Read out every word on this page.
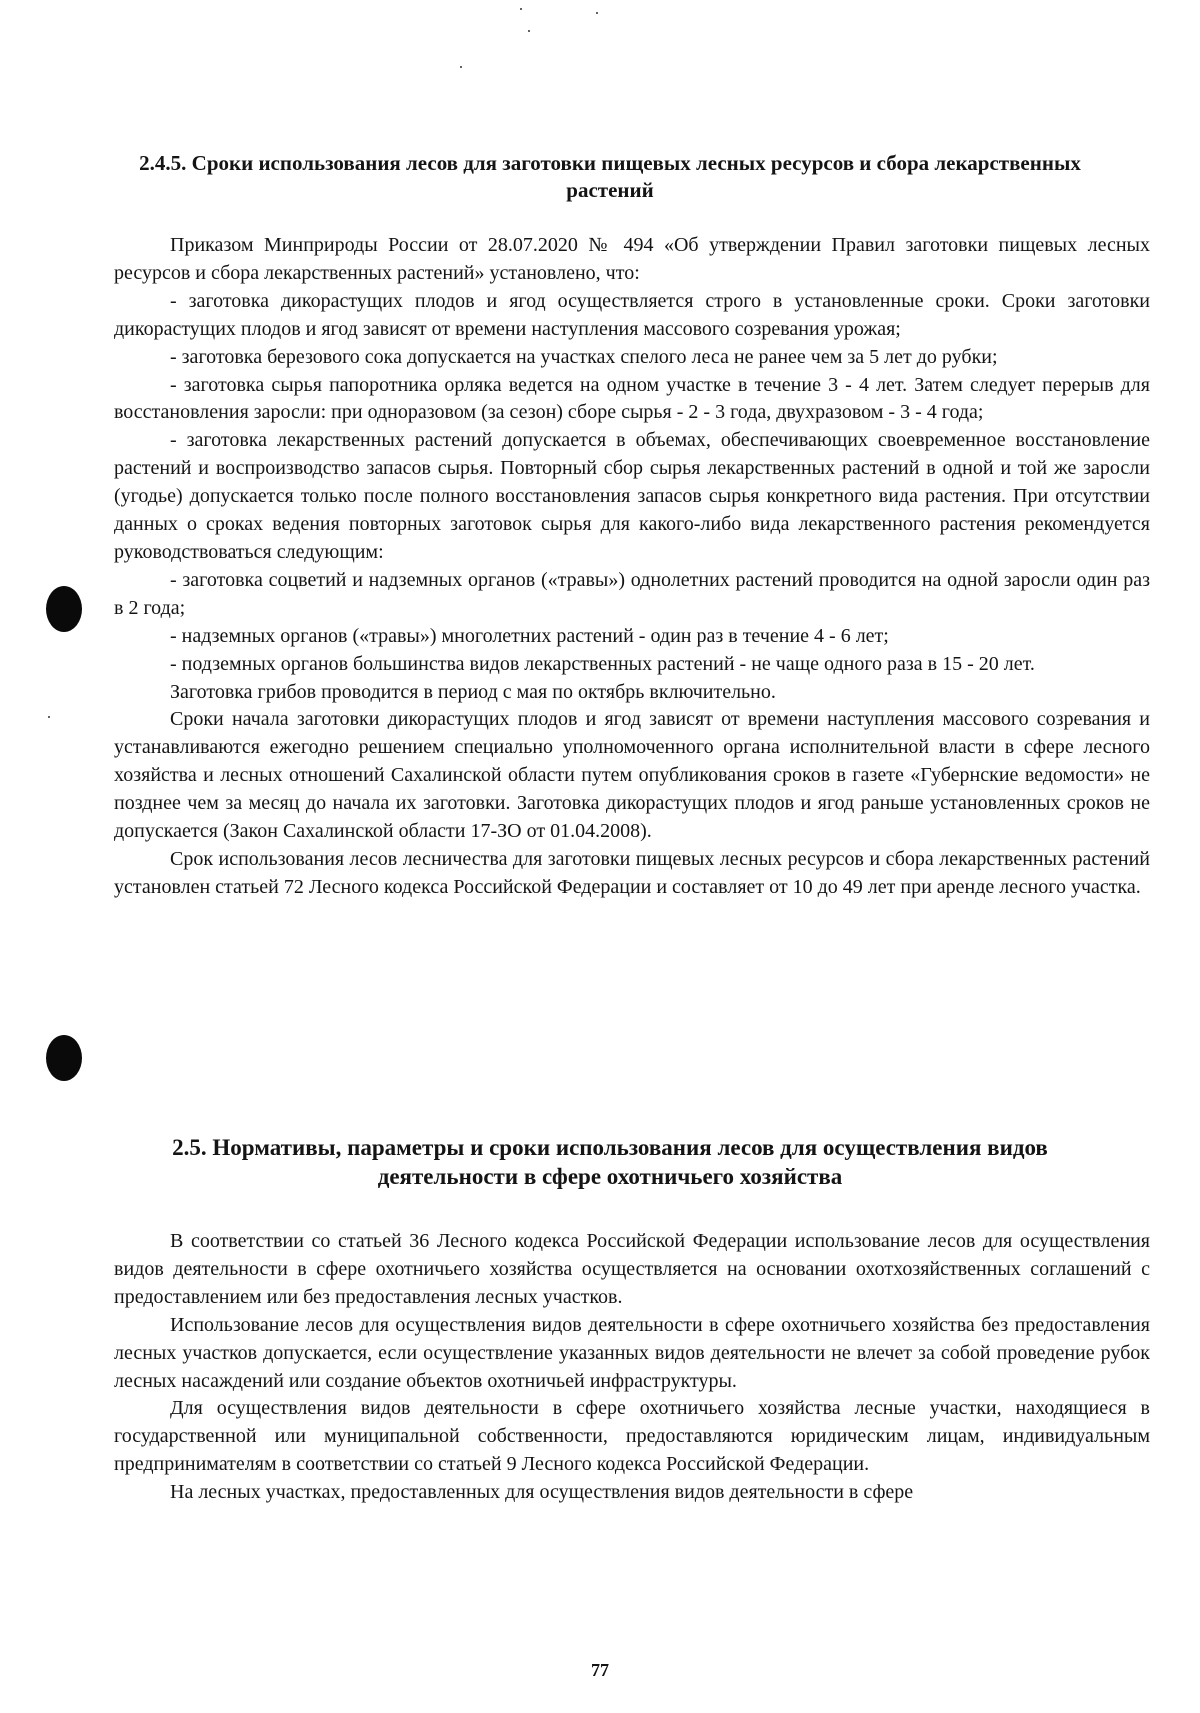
2.4.5. Сроки использования лесов для заготовки пищевых лесных ресурсов и сбора лекарственных растений

Приказом Минприроды России от 28.07.2020 № 494 «Об утверждении Правил заготовки пищевых лесных ресурсов и сбора лекарственных растений» установлено, что:

- заготовка дикорастущих плодов и ягод осуществляется строго в установленные сроки. Сроки заготовки дикорастущих плодов и ягод зависят от времени наступления массового созревания урожая;

- заготовка березового сока допускается на участках спелого леса не ранее чем за 5 лет до рубки;

- заготовка сырья папоротника орляка ведется на одном участке в течение 3 - 4 лет. Затем следует перерыв для восстановления заросли: при одноразовом (за сезон) сборе сырья - 2 - 3 года, двухразовом - 3 - 4 года;

- заготовка лекарственных растений допускается в объемах, обеспечивающих своевременное восстановление растений и воспроизводство запасов сырья. Повторный сбор сырья лекарственных растений в одной и той же заросли (угодье) допускается только после полного восстановления запасов сырья конкретного вида растения. При отсутствии данных о сроках ведения повторных заготовок сырья для какого-либо вида лекарственного растения рекомендуется руководствоваться следующим:

- заготовка соцветий и надземных органов («травы») однолетних растений проводится на одной заросли один раз в 2 года;

- надземных органов («травы») многолетних растений - один раз в течение 4 - 6 лет;

- подземных органов большинства видов лекарственных растений - не чаще одного раза в 15 - 20 лет.

Заготовка грибов проводится в период с мая по октябрь включительно.

Сроки начала заготовки дикорастущих плодов и ягод зависят от времени наступления массового созревания и устанавливаются ежегодно решением специально уполномоченного органа исполнительной власти в сфере лесного хозяйства и лесных отношений Сахалинской области путем опубликования сроков в газете «Губернские ведомости» не позднее чем за месяц до начала их заготовки. Заготовка дикорастущих плодов и ягод раньше установленных сроков не допускается (Закон Сахалинской области 17-ЗО от 01.04.2008).

Срок использования лесов лесничества для заготовки пищевых лесных ресурсов и сбора лекарственных растений установлен статьей 72 Лесного кодекса Российской Федерации и составляет от 10 до 49 лет при аренде лесного участка.

2.5. Нормативы, параметры и сроки использования лесов для осуществления видов деятельности в сфере охотничьего хозяйства

В соответствии со статьей 36 Лесного кодекса Российской Федерации использование лесов для осуществления видов деятельности в сфере охотничьего хозяйства осуществляется на основании охотхозяйственных соглашений с предоставлением или без предоставления лесных участков.

Использование лесов для осуществления видов деятельности в сфере охотничьего хозяйства без предоставления лесных участков допускается, если осуществление указанных видов деятельности не влечет за собой проведение рубок лесных насаждений или создание объектов охотничьей инфраструктуры.

Для осуществления видов деятельности в сфере охотничьего хозяйства лесные участки, находящиеся в государственной или муниципальной собственности, предоставляются юридическим лицам, индивидуальным предпринимателям в соответствии со статьей 9 Лесного кодекса Российской Федерации.

На лесных участках, предоставленных для осуществления видов деятельности в сфере

77
